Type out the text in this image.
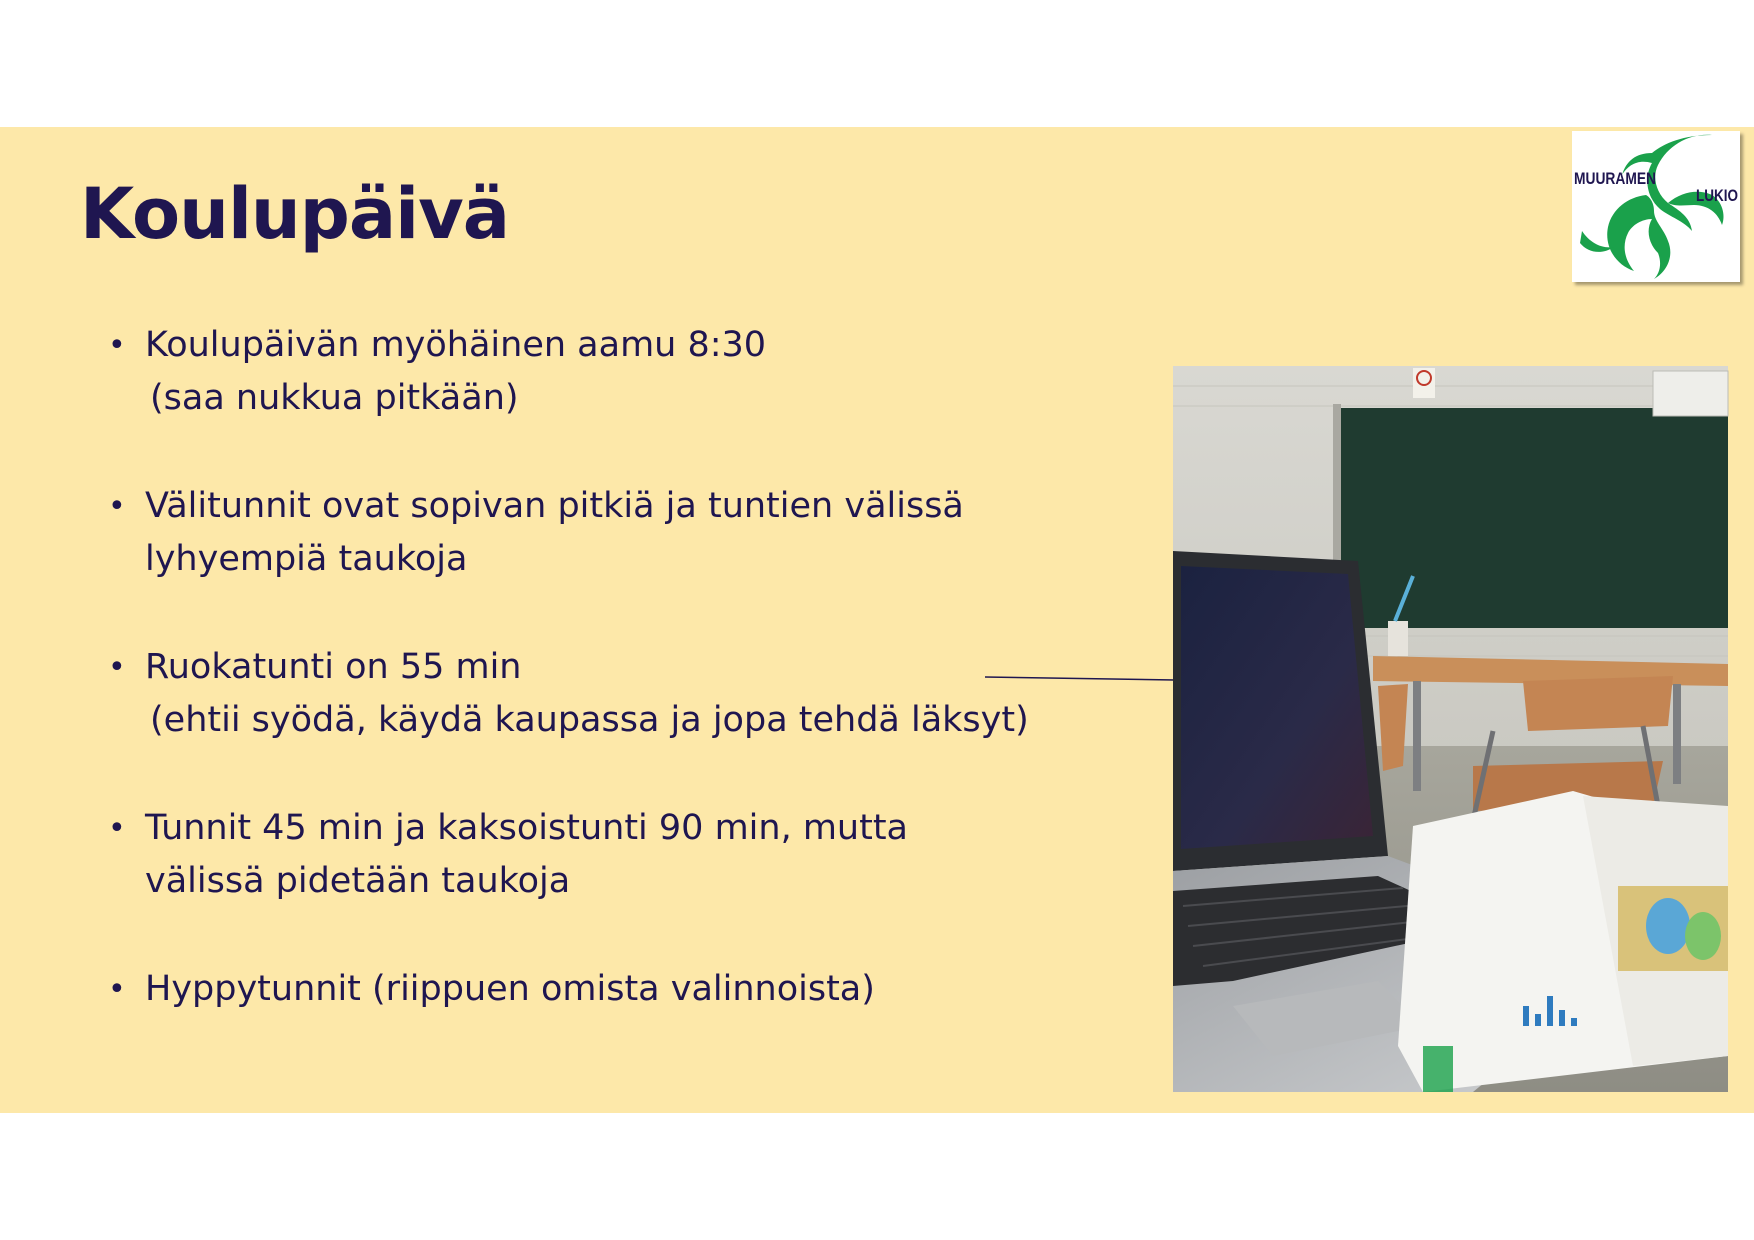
Koulupäivä
• Koulupäivän myöhäinen aamu 8:30
(saa nukkua pitkään)
• Välitunnit ovat sopivan pitkiä ja tuntien välissä
lyhyempiä taukoja
• Ruokatunti on 55 min
(ehtii syödä, käydä kaupassa ja jopa tehdä läksyt)
• Tunnit 45 min ja kaksoistunti 90 min, mutta
välissä pidetään taukoja
• Hyppytunnit (riippuen omista valinnoista)
MUURAMEN
LUKIO
